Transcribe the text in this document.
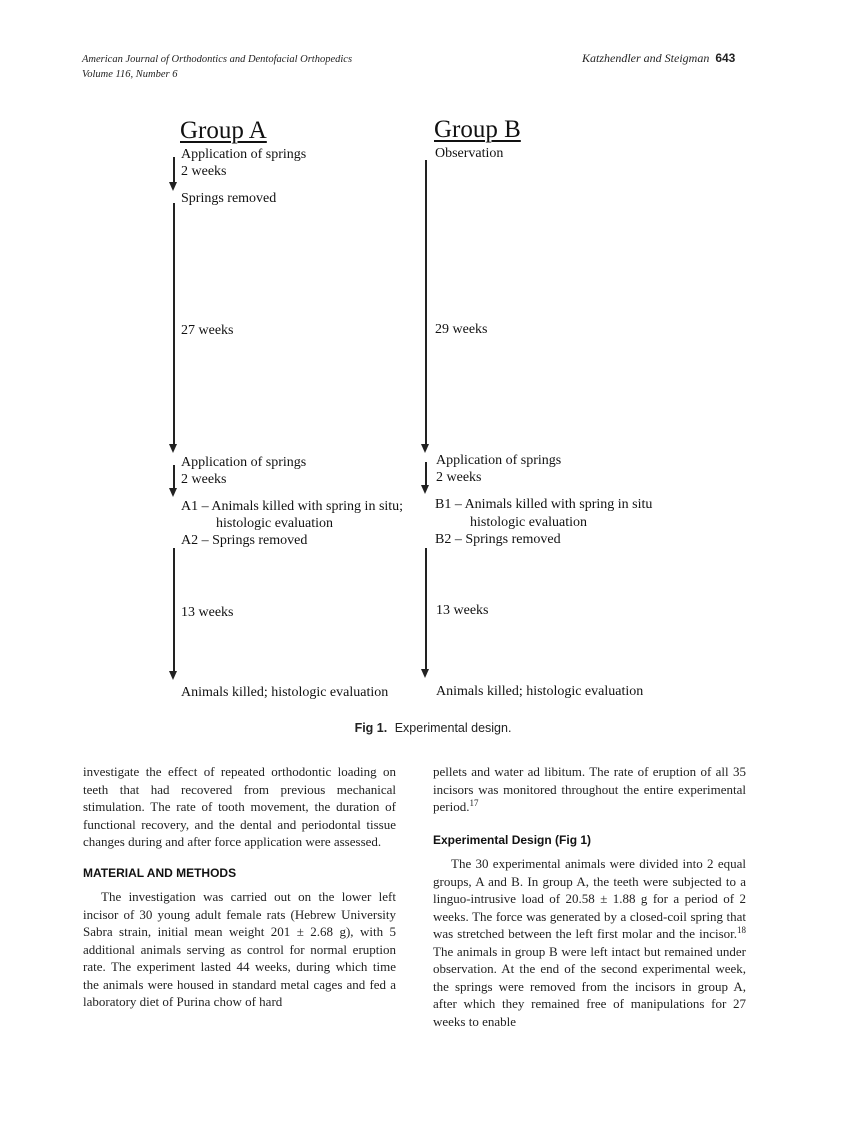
American Journal of Orthodontics and Dentofacial Orthopedics
Volume 116, Number 6
Katzhendler and Steigman 643
Group A
Application of springs
2 weeks
Springs removed
27 weeks
Application of springs
2 weeks
A1 – Animals killed with spring in situ;
histologic evaluation
A2 – Springs removed
13 weeks
Animals killed; histologic evaluation
Group B
Observation
29 weeks
Application of springs
2 weeks
B1 – Animals killed with spring in situ
histologic evaluation
B2 – Springs removed
13 weeks
Animals killed; histologic evaluation
Fig 1. Experimental design.

investigate the effect of repeated orthodontic loading on teeth that had recovered from previous mechanical stimulation. The rate of tooth movement, the duration of functional recovery, and the dental and periodontal tissue changes during and after force application were assessed.

MATERIAL AND METHODS

The investigation was carried out on the lower left incisor of 30 young adult female rats (Hebrew University Sabra strain, initial mean weight 201 ± 2.68 g), with 5 additional animals serving as control for normal eruption rate. The experiment lasted 44 weeks, during which time the animals were housed in standard metal cages and fed a laboratory diet of Purina chow of hard

pellets and water ad libitum. The rate of eruption of all 35 incisors was monitored throughout the entire experimental period.$^{17}$

Experimental Design (Fig 1)

The 30 experimental animals were divided into 2 equal groups, A and B. In group A, the teeth were subjected to a linguo-intrusive load of 20.58 ± 1.88 g for a period of 2 weeks. The force was generated by a closed-coil spring that was stretched between the left first molar and the incisor.$^{18}$ The animals in group B were left intact but remained under observation. At the end of the second experimental week, the springs were removed from the incisors in group A, after which they remained free of manipulations for 27 weeks to enable
